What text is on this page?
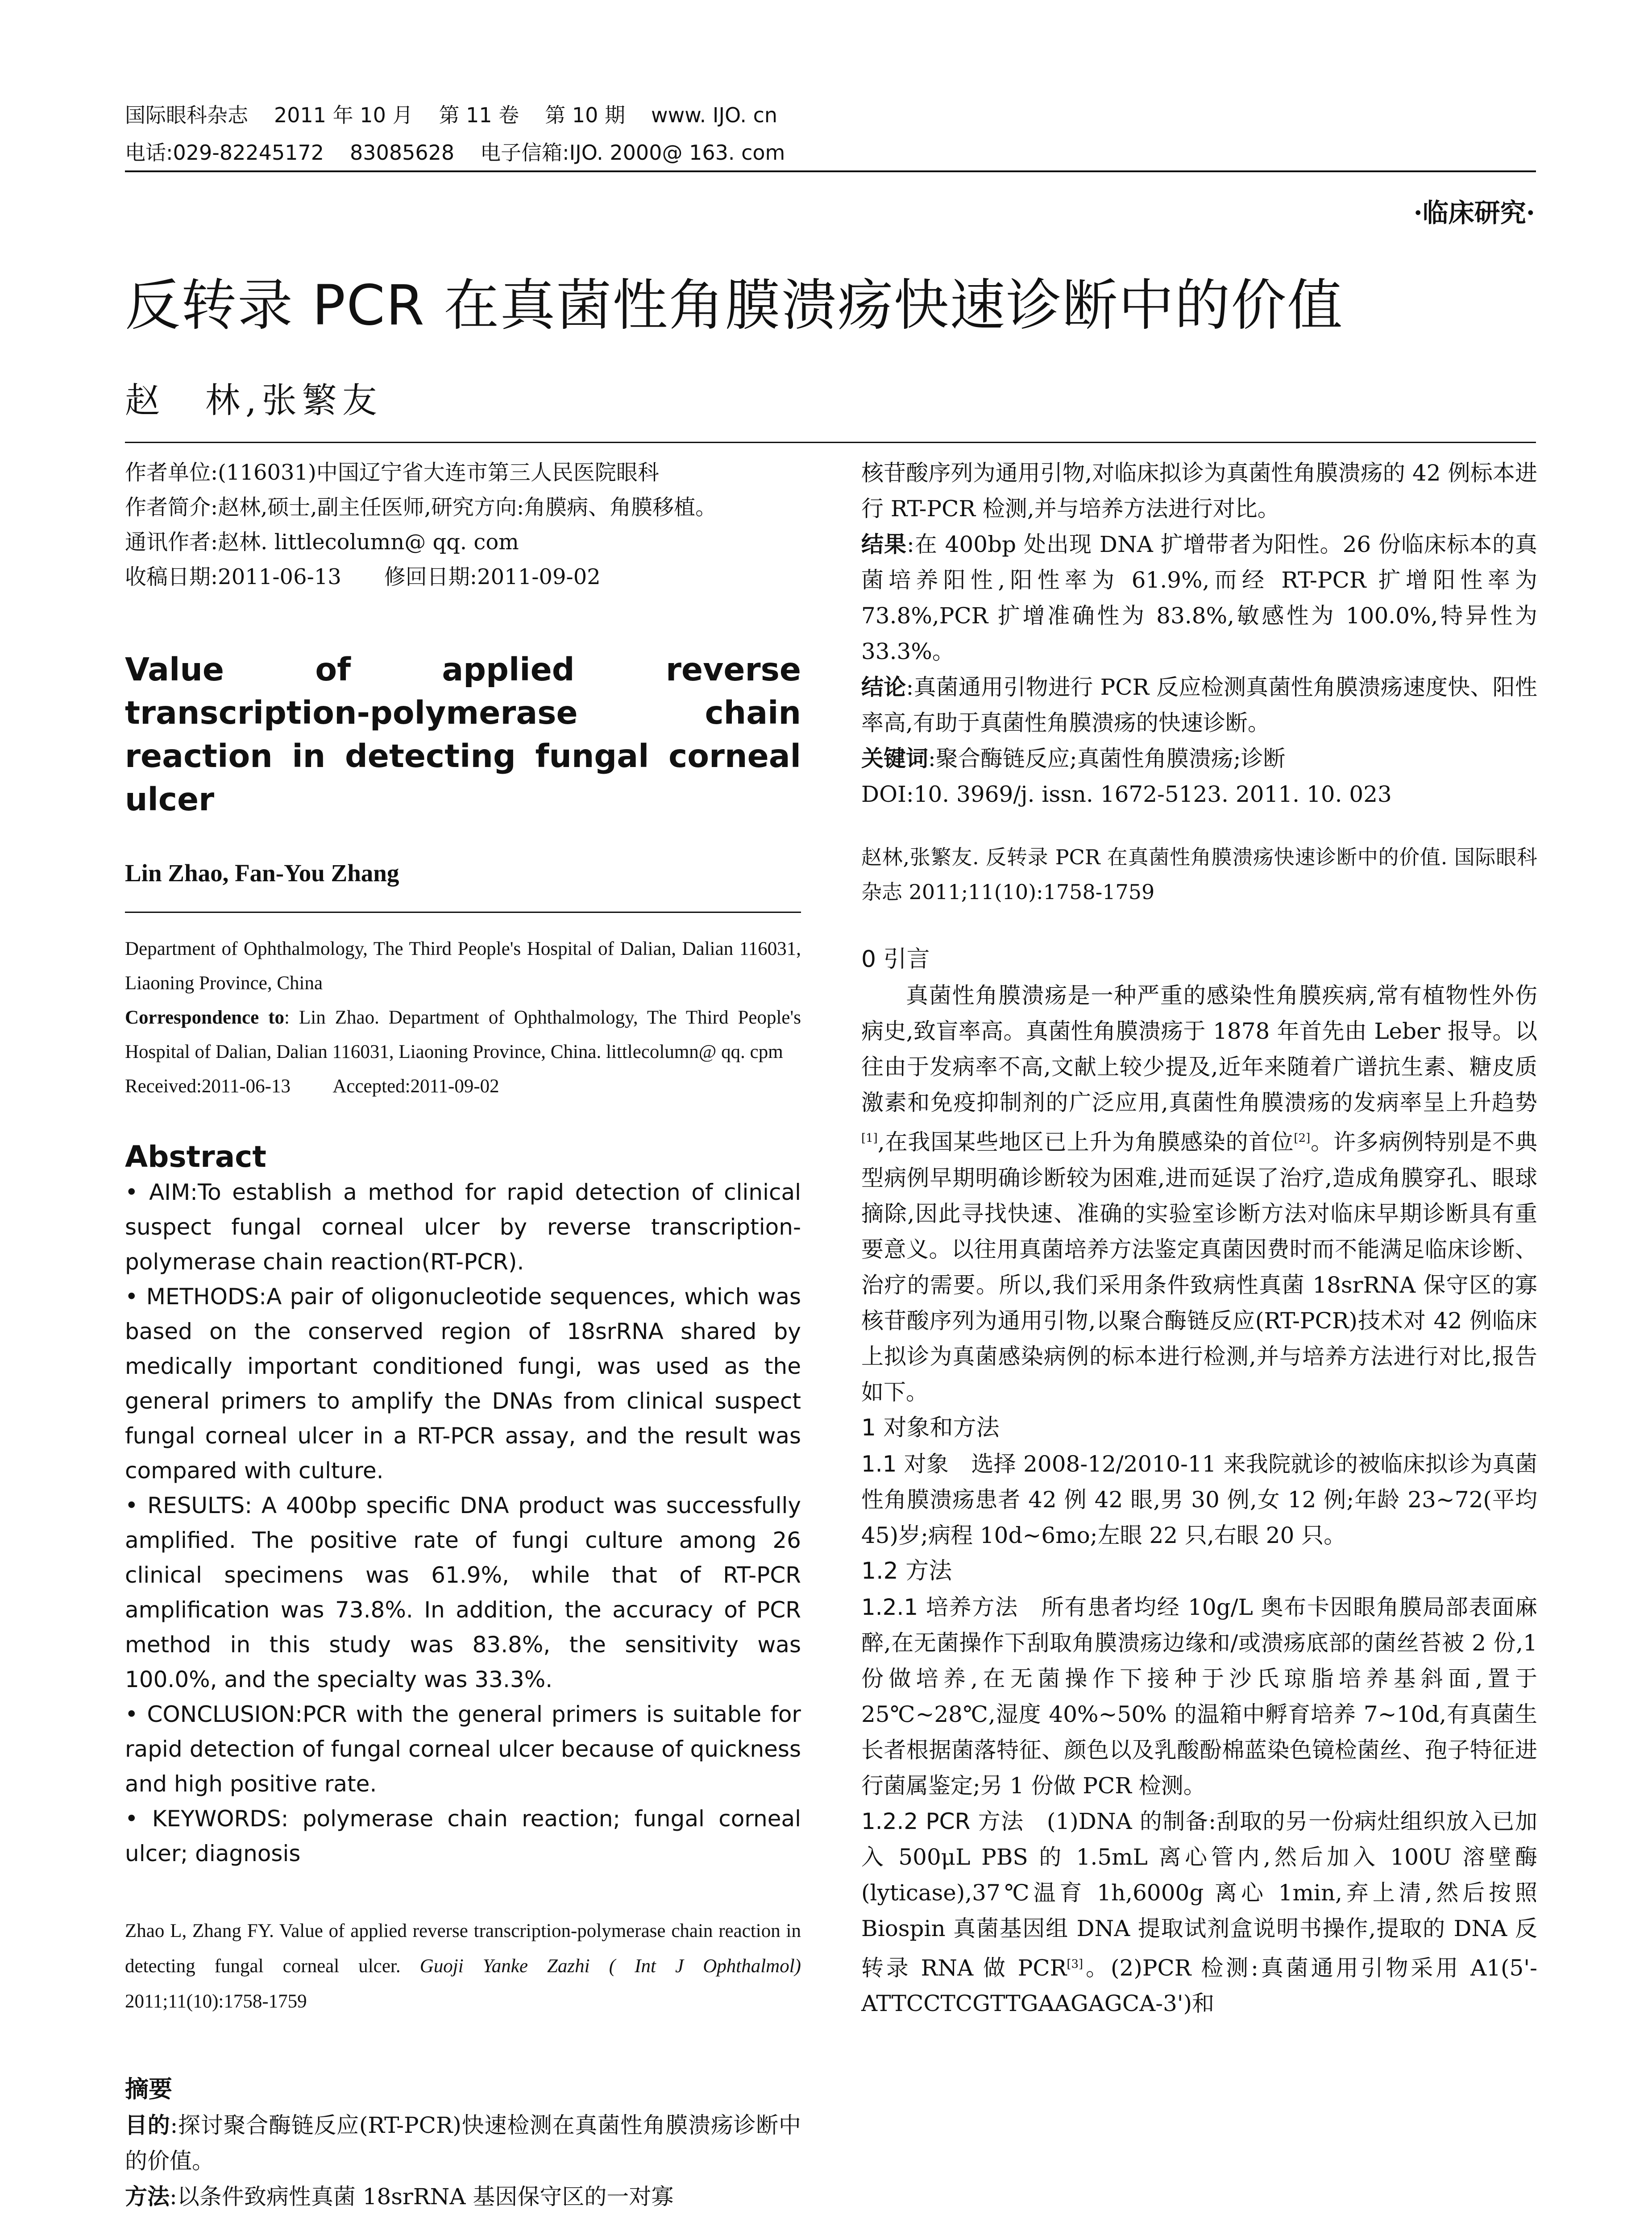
国际眼科杂志 2011 年 10 月 第 11 卷 第 10 期 www. IJO. cn
电话:029-82245172 83085628 电子信箱:IJO. 2000@ 163. com
·临床研究·
反转录 PCR 在真菌性角膜溃疡快速诊断中的价值
赵　林,张繁友

作者单位:(116031)中国辽宁省大连市第三人民医院眼科

作者简介:赵林,硕士,副主任医师,研究方向:角膜病、角膜移植。

通讯作者:赵林. littlecolumn@ qq. com

收稿日期:2011-06-13　　修回日期:2011-09-02

Value of applied reverse transcription-polymerase chain reaction in detecting fungal corneal ulcer

Lin Zhao, Fan-You Zhang

Department of Ophthalmology, The Third People's Hospital of Dalian, Dalian 116031, Liaoning Province, China

Correspondence to: Lin Zhao. Department of Ophthalmology, The Third People's Hospital of Dalian, Dalian 116031, Liaoning Province, China. littlecolumn@ qq. cpm

Received:2011-06-13　　 Accepted:2011-09-02

Abstract

• AIM:To establish a method for rapid detection of clinical suspect fungal corneal ulcer by reverse transcription-polymerase chain reaction(RT-PCR).

• METHODS:A pair of oligonucleotide sequences, which was based on the conserved region of 18srRNA shared by medically important conditioned fungi, was used as the general primers to amplify the DNAs from clinical suspect fungal corneal ulcer in a RT-PCR assay, and the result was compared with culture.

• RESULTS: A 400bp specific DNA product was successfully amplified. The positive rate of fungi culture among 26 clinical specimens was 61.9%, while that of RT-PCR amplification was 73.8%. In addition, the accuracy of PCR method in this study was 83.8%, the sensitivity was 100.0%, and the specialty was 33.3%.

• CONCLUSION:PCR with the general primers is suitable for rapid detection of fungal corneal ulcer because of quickness and high positive rate.

• KEYWORDS: polymerase chain reaction; fungal corneal ulcer; diagnosis

Zhao L, Zhang FY. Value of applied reverse transcription-polymerase chain reaction in detecting fungal corneal ulcer. Guoji Yanke Zazhi ( Int J Ophthalmol) 2011;11(10):1758-1759

摘要

目的:探讨聚合酶链反应(RT-PCR)快速检测在真菌性角膜溃疡诊断中的价值。

方法:以条件致病性真菌 18srRNA 基因保守区的一对寡

核苷酸序列为通用引物,对临床拟诊为真菌性角膜溃疡的 42 例标本进行 RT-PCR 检测,并与培养方法进行对比。

结果:在 400bp 处出现 DNA 扩增带者为阳性。26 份临床标本的真菌培养阳性,阳性率为 61.9%,而经 RT-PCR 扩增阳性率为 73.8%,PCR 扩增准确性为 83.8%,敏感性为 100.0%,特异性为 33.3%。

结论:真菌通用引物进行 PCR 反应检测真菌性角膜溃疡速度快、阳性率高,有助于真菌性角膜溃疡的快速诊断。

关键词:聚合酶链反应;真菌性角膜溃疡;诊断

DOI:10. 3969/j. issn. 1672-5123. 2011. 10. 023

赵林,张繁友. 反转录 PCR 在真菌性角膜溃疡快速诊断中的价值. 国际眼科杂志 2011;11(10):1758-1759

0 引言

真菌性角膜溃疡是一种严重的感染性角膜疾病,常有植物性外伤病史,致盲率高。真菌性角膜溃疡于 1878 年首先由 Leber 报导。以往由于发病率不高,文献上较少提及,近年来随着广谱抗生素、糖皮质激素和免疫抑制剂的广泛应用,真菌性角膜溃疡的发病率呈上升趋势[1],在我国某些地区已上升为角膜感染的首位[2]。许多病例特别是不典型病例早期明确诊断较为困难,进而延误了治疗,造成角膜穿孔、眼球摘除,因此寻找快速、准确的实验室诊断方法对临床早期诊断具有重要意义。以往用真菌培养方法鉴定真菌因费时而不能满足临床诊断、治疗的需要。所以,我们采用条件致病性真菌 18srRNA 保守区的寡核苷酸序列为通用引物,以聚合酶链反应(RT-PCR)技术对 42 例临床上拟诊为真菌感染病例的标本进行检测,并与培养方法进行对比,报告如下。

1 对象和方法

1.1 对象　选择 2008-12/2010-11 来我院就诊的被临床拟诊为真菌性角膜溃疡患者 42 例 42 眼,男 30 例,女 12 例;年龄 23~72(平均 45)岁;病程 10d~6mo;左眼 22 只,右眼 20 只。

1.2 方法

1.2.1 培养方法　所有患者均经 10g/L 奥布卡因眼角膜局部表面麻醉,在无菌操作下刮取角膜溃疡边缘和/或溃疡底部的菌丝苔被 2 份,1 份做培养,在无菌操作下接种于沙氏琼脂培养基斜面,置于 25℃~28℃,湿度 40%~50% 的温箱中孵育培养 7~10d,有真菌生长者根据菌落特征、颜色以及乳酸酚棉蓝染色镜检菌丝、孢子特征进行菌属鉴定;另 1 份做 PCR 检测。

1.2.2 PCR 方法　(1)DNA 的制备:刮取的另一份病灶组织放入已加入 500μL PBS 的 1.5mL 离心管内,然后加入 100U 溶壁酶(lyticase),37℃温育 1h,6000g 离心 1min,弃上清,然后按照 Biospin 真菌基因组 DNA 提取试剂盒说明书操作,提取的 DNA 反转录 RNA 做 PCR[3]。(2)PCR 检测:真菌通用引物采用 A1(5'-ATTCCTCGTTGAAGAGCA-3')和
